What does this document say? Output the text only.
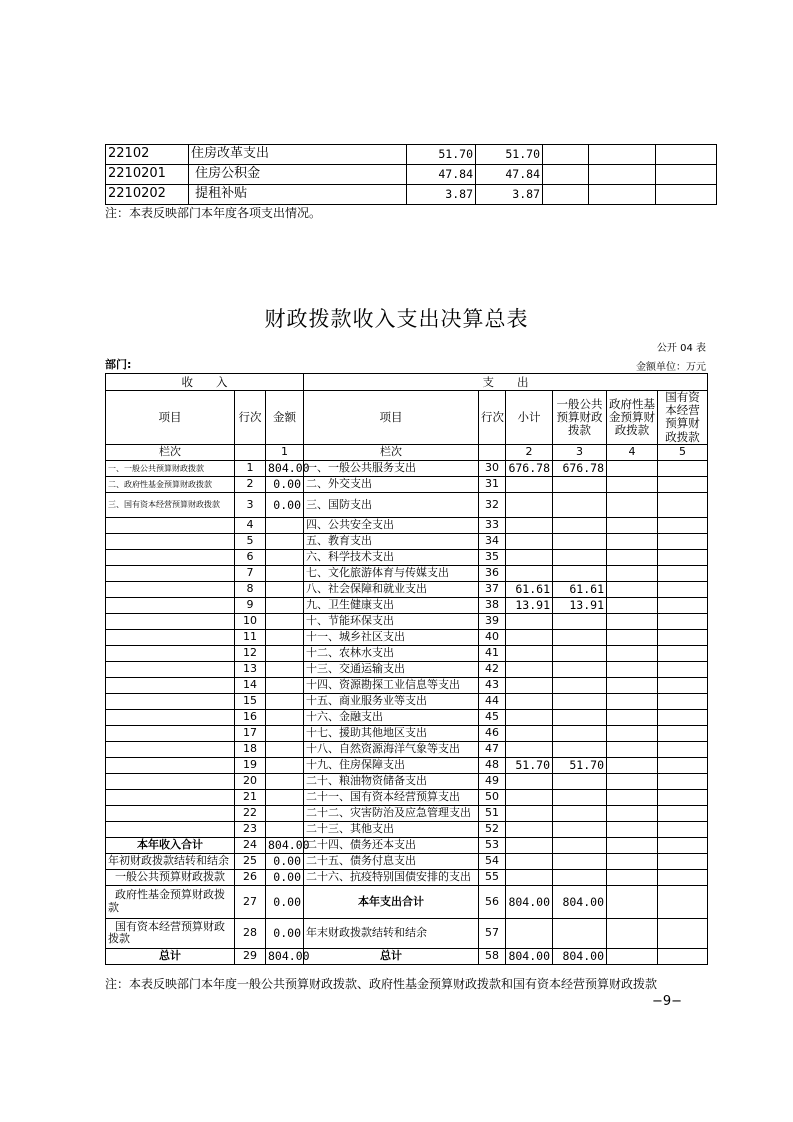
22102	住房改革支出	51.70	51.70			
2210201	住房公积金	47.84	47.84			
2210202	提租补贴	3.87	3.87			
注：本表反映部门本年度各项支出情况。
财政拨款收入支出决算总表
公开 04 表
部门:	金额单位：万元
收　　入			支　　出					
项目	行次	金额	项目	行次	小计	一般公共预算财政拨款	政府性基金预算财政拨款	国有资本经营预算财政拨款
栏次		1	栏次		2	3	4	5
一、一般公共预算财政拨款	1	804.00	一、一般公共服务支出	30	676.78	676.78		
二、政府性基金预算财政拨款	2	0.00	二、外交支出	31				
三、国有资本经营预算财政拨款	3	0.00	三、国防支出	32				
	4		四、公共安全支出	33				
	5		五、教育支出	34				
	6		六、科学技术支出	35				
	7		七、文化旅游体育与传媒支出	36				
	8		八、社会保障和就业支出	37	61.61	61.61		
	9		九、卫生健康支出	38	13.91	13.91		
	10		十、节能环保支出	39				
	11		十一、城乡社区支出	40				
	12		十二、农林水支出	41				
	13		十三、交通运输支出	42				
	14		十四、资源勘探工业信息等支出	43				
	15		十五、商业服务业等支出	44				
	16		十六、金融支出	45				
	17		十七、援助其他地区支出	46				
	18		十八、自然资源海洋气象等支出	47				
	19		十九、住房保障支出	48	51.70	51.70		
	20		二十、粮油物资储备支出	49				
	21		二十一、国有资本经营预算支出	50				
	22		二十二、灾害防治及应急管理支出	51				
	23		二十三、其他支出	52				
本年收入合计	24	804.00	二十四、债务还本支出	53				
年初财政拨款结转和结余	25	0.00	二十五、债务付息支出	54				
一般公共预算财政拨款	26	0.00	二十六、抗疫特别国债安排的支出	55				
政府性基金预算财政拨款	27	0.00	本年支出合计	56	804.00	804.00		
国有资本经营预算财政拨款	28	0.00	年末财政拨款结转和结余	57				
总计	29	804.00	总计	58	804.00	804.00		
注：本表反映部门本年度一般公共预算财政拨款、政府性基金预算财政拨款和国有资本经营预算财政拨款
−9−
